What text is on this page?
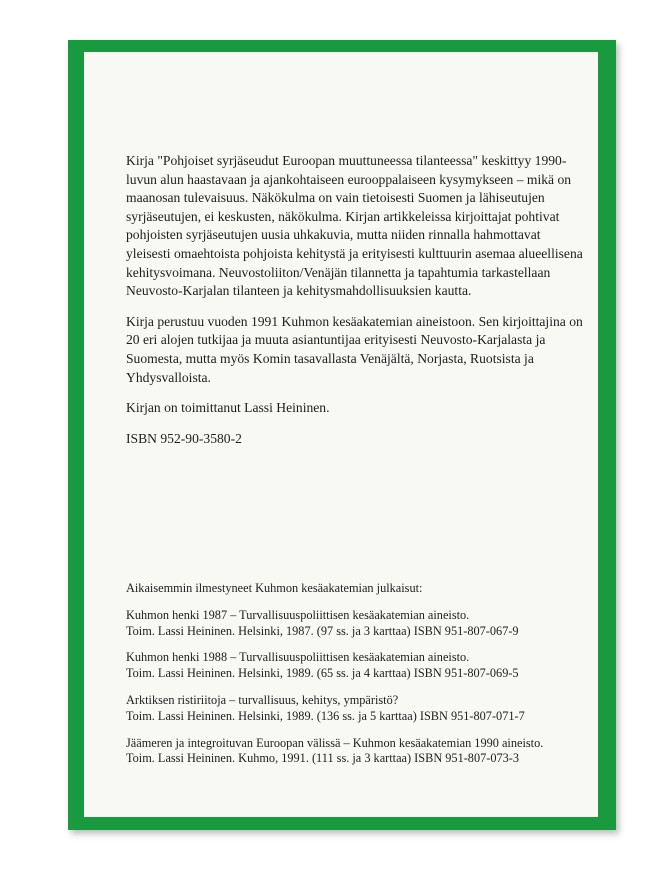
Kirja "Pohjoiset syrjäseudut Euroopan muuttuneessa tilanteessa" keskittyy 1990-luvun alun haastavaan ja ajankohtaiseen eurooppalaiseen kysymykseen – mikä on maanosan tulevaisuus. Näkökulma on vain tietoisesti Suomen ja lähiseutujen syrjäseutujen, ei keskusten, näkökulma. Kirjan artikkeleissa kirjoittajat pohtivat pohjoisten syrjäseutujen uusia uhkakuvia, mutta niiden rinnalla hahmottavat yleisesti omaehtoista pohjoista kehitystä ja erityisesti kulttuurin asemaa alueellisena kehitysvoimana. Neuvostoliiton/Venäjän tilannetta ja tapahtumia tarkastellaan Neuvosto-Karjalan tilanteen ja kehitysmahdollisuuksien kautta.

Kirja perustuu vuoden 1991 Kuhmon kesäakatemian aineistoon. Sen kirjoittajina on 20 eri alojen tutkijaa ja muuta asiantuntijaa erityisesti Neuvosto-Karjalasta ja Suomesta, mutta myös Komin tasavallasta Venäjältä, Norjasta, Ruotsista ja Yhdysvalloista.

Kirjan on toimittanut Lassi Heininen.

ISBN 952-90-3580-2

Aikaisemmin ilmestyneet Kuhmon kesäakatemian julkaisut:
Kuhmon henki 1987 – Turvallisuuspoliittisen kesäakatemian aineisto.
Toim. Lassi Heininen. Helsinki, 1987. (97 ss. ja 3 karttaa) ISBN 951-807-067-9
Kuhmon henki 1988 – Turvallisuuspoliittisen kesäakatemian aineisto.
Toim. Lassi Heininen. Helsinki, 1989. (65 ss. ja 4 karttaa) ISBN 951-807-069-5
Arktiksen ristiriitoja – turvallisuus, kehitys, ympäristö?
Toim. Lassi Heininen. Helsinki, 1989. (136 ss. ja 5 karttaa) ISBN 951-807-071-7
Jäämeren ja integroituvan Euroopan välissä – Kuhmon kesäakatemian 1990 aineisto.
Toim. Lassi Heininen. Kuhmo, 1991. (111 ss. ja 3 karttaa) ISBN 951-807-073-3
